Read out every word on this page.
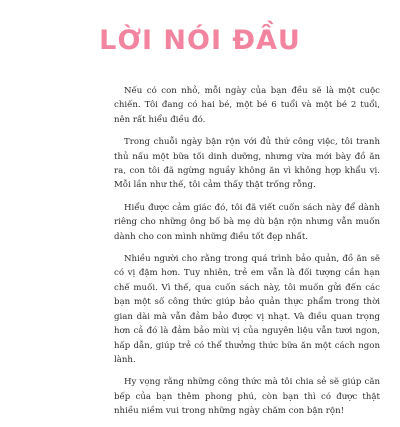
LỜI NÓI ĐẦU

Nếu có con nhỏ, mỗi ngày của bạn đều sẽ là một cuộc chiến. Tôi đang có hai bé, một bé 6 tuổi và một bé 2 tuổi, nên rất hiểu điều đó.

Trong chuỗi ngày bận rộn với đủ thứ công việc, tôi tranh thủ nấu một bữa tối dinh dưỡng, nhưng vừa mới bày đồ ăn ra, con tôi đã ngừng nguầy không ăn vì không hợp khẩu vị. Mỗi lần như thế, tôi cảm thấy thật trống rỗng.

Hiểu được cảm giác đó, tôi đã viết cuốn sách này để dành riêng cho những ông bố bà mẹ dù bận rộn nhưng vẫn muốn dành cho con mình những điều tốt đẹp nhất.

Nhiều người cho rằng trong quá trình bảo quản, đồ ăn sẽ có vị đậm hơn. Tuy nhiên, trẻ em vẫn là đối tượng cần hạn chế muối. Vì thế, qua cuốn sách này, tôi muốn gửi đến các bạn một số công thức giúp bảo quản thực phẩm trong thời gian dài mà vẫn đảm bảo được vị nhạt. Và điều quan trọng hơn cả đó là đảm bảo mùi vị của nguyên liệu vẫn tươi ngon, hấp dẫn, giúp trẻ có thể thưởng thức bữa ăn một cách ngon lành.

Hy vọng rằng những công thức mà tôi chia sẻ sẽ giúp căn bếp của bạn thêm phong phú, còn bạn thì có được thật nhiều niềm vui trong những ngày chăm con bận rộn!
